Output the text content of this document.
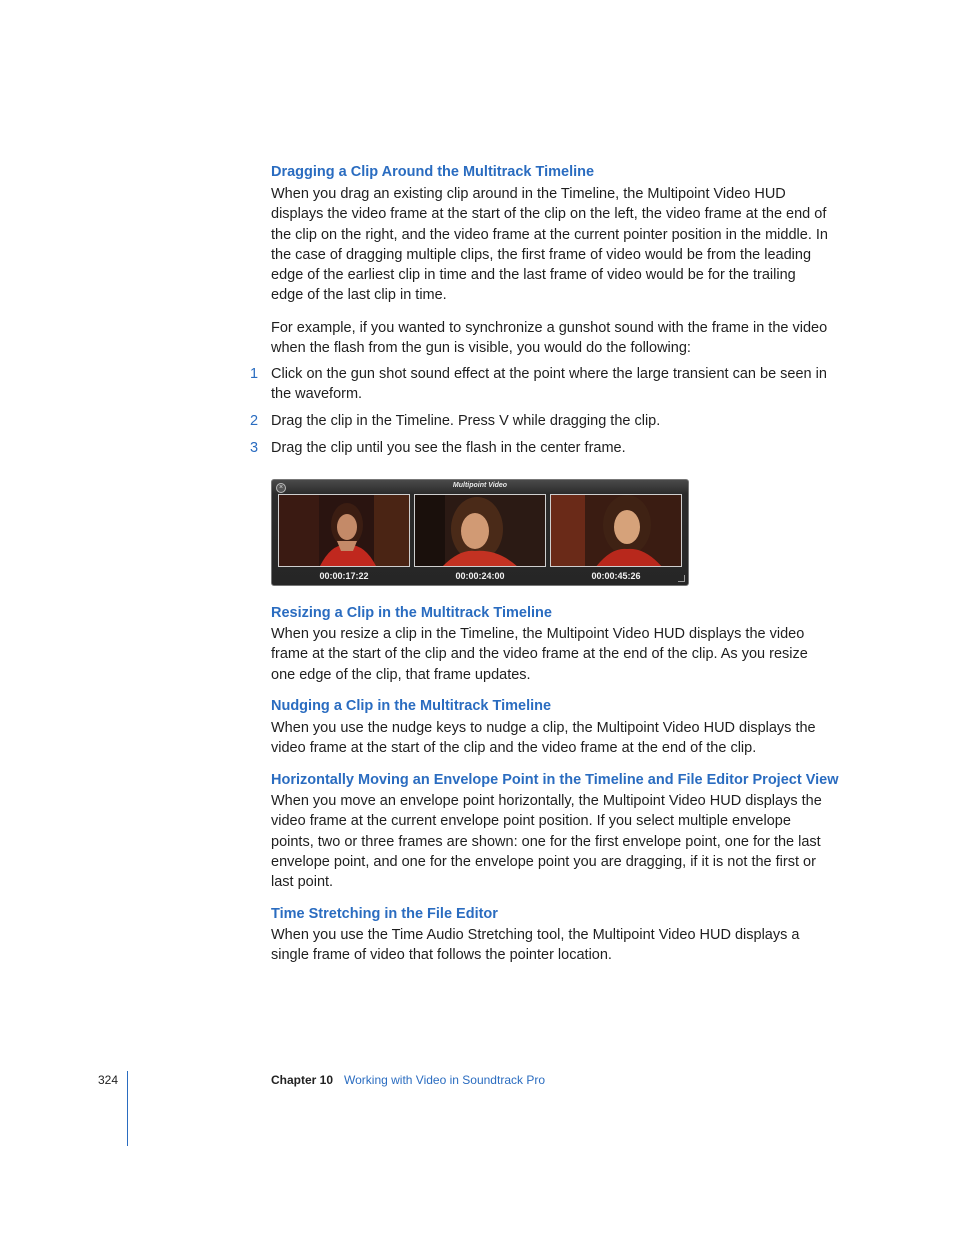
Dragging a Clip Around the Multitrack Timeline

When you drag an existing clip around in the Timeline, the Multipoint Video HUD displays the video frame at the start of the clip on the left, the video frame at the end of the clip on the right, and the video frame at the current pointer position in the middle. In the case of dragging multiple clips, the first frame of video would be from the leading edge of the earliest clip in time and the last frame of video would be for the trailing edge of the last clip in time.

For example, if you wanted to synchronize a gunshot sound with the frame in the video when the flash from the gun is visible, you would do the following:

1 Click on the gun shot sound effect at the point where the large transient can be seen in the waveform.
2 Drag the clip in the Timeline. Press V while dragging the clip.
3 Drag the clip until you see the flash in the center frame.
×	Multipoint Video
00:00:17:22	00:00:24:00	00:00:45:26
Resizing a Clip in the Multitrack Timeline

When you resize a clip in the Timeline, the Multipoint Video HUD displays the video frame at the start of the clip and the video frame at the end of the clip. As you resize one edge of the clip, that frame updates.

Nudging a Clip in the Multitrack Timeline

When you use the nudge keys to nudge a clip, the Multipoint Video HUD displays the video frame at the start of the clip and the video frame at the end of the clip.

Horizontally Moving an Envelope Point in the Timeline and File Editor Project View

When you move an envelope point horizontally, the Multipoint Video HUD displays the video frame at the current envelope point position. If you select multiple envelope points, two or three frames are shown: one for the first envelope point, one for the last envelope point, and one for the envelope point you are dragging, if it is not the first or last point.

Time Stretching in the File Editor

When you use the Time Audio Stretching tool, the Multipoint Video HUD displays a single frame of video that follows the pointer location.

324	Chapter 10 Working with Video in Soundtrack Pro
